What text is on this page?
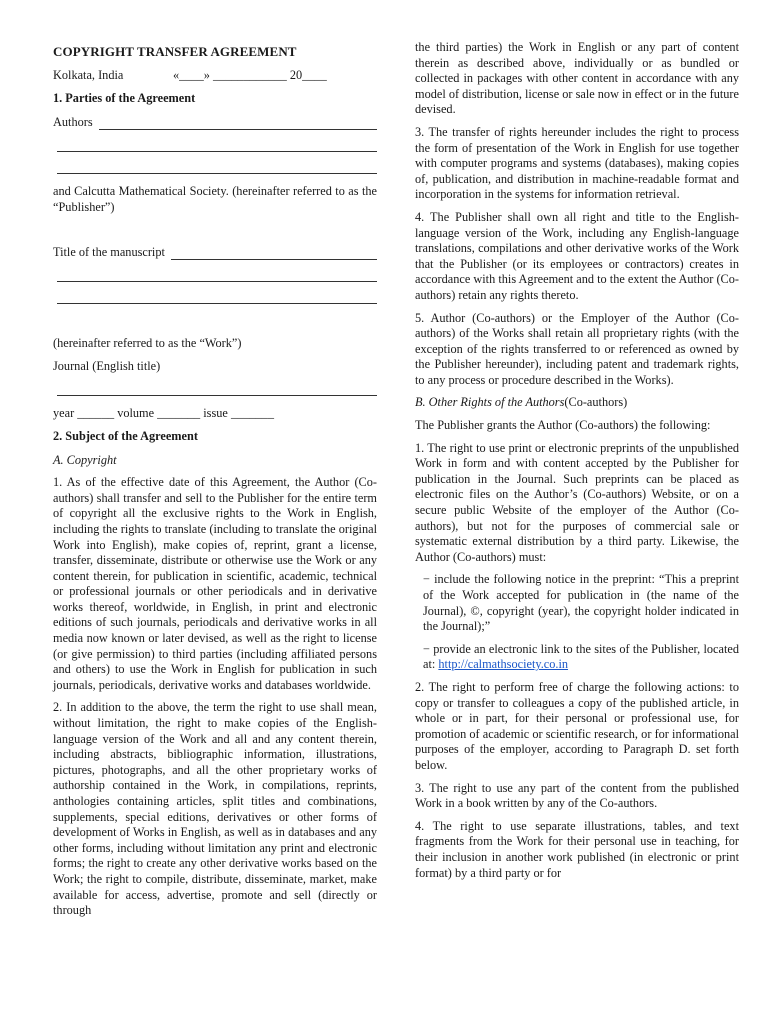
COPYRIGHT TRANSFER AGREEMENT

Kolkata, India	«____» ____________ 20____

1. Parties of the Agreement

Authors

and Calcutta Mathematical Society. (hereinafter referred to as the “Publisher”)

Title of the manuscript

(hereinafter referred to as the “Work”)

Journal (English title)

year ______ volume _______ issue _______

2. Subject of the Agreement

A. Copyright

1. As of the effective date of this Agreement, the Author (Co-authors) shall transfer and sell to the Publisher for the entire term of copyright all the exclusive rights to the Work in English, including the rights to translate (including to translate the original Work into English), make copies of, reprint, grant a license, transfer, disseminate, distribute or otherwise use the Work or any content therein, for publication in scientific, academic, technical or professional journals or other periodicals and in derivative works thereof, worldwide, in English, in print and electronic editions of such journals, periodicals and derivative works in all media now known or later devised, as well as the right to license (or give permission) to third parties (including affiliated persons and others) to use the Work in English for publication in such journals, periodicals, derivative works and databases worldwide.

2. In addition to the above, the term the right to use shall mean, without limitation, the right to make copies of the English-language version of the Work and all and any content therein, including abstracts, bibliographic information, illustrations, pictures, photographs, and all the other proprietary works of authorship contained in the Work, in compilations, reprints, anthologies containing articles, split titles and combinations, supplements, special editions, derivatives or other forms of development of Works in English, as well as in databases and any other forms, including without limitation any print and electronic forms; the right to create any other derivative works based on the Work; the right to compile, distribute, disseminate, market, make available for access, advertise, promote and sell (directly or through

the third parties) the Work in English or any part of content therein as described above, individually or as bundled or collected in packages with other content in accordance with any model of distribution, license or sale now in effect or in the future devised.

3. The transfer of rights hereunder includes the right to process the form of presentation of the Work in English for use together with computer programs and systems (databases), making copies of, publication, and distribution in machine-readable format and incorporation in the systems for information retrieval.

4. The Publisher shall own all right and title to the English-language version of the Work, including any English-language translations, compilations and other derivative works of the Work that the Publisher (or its employees or contractors) creates in accordance with this Agreement and to the extent the Author (Co-authors) retain any rights thereto.

5. Author (Co-authors) or the Employer of the Author (Co-authors) of the Works shall retain all proprietary rights (with the exception of the rights transferred to or referenced as owned by the Publisher hereunder), including patent and trademark rights, to any process or procedure described in the Works).

B. Other Rights of the Authors(Co-authors)

The Publisher grants the Author (Co-authors) the following:

1. The right to use print or electronic preprints of the unpublished Work in form and with content accepted by the Publisher for publication in the Journal. Such preprints can be placed as electronic files on the Author’s (Co-authors) Website, or on a secure public Website of the employer of the Author (Co-authors), but not for the purposes of commercial sale or systematic external distribution by a third party. Likewise, the Author (Co-authors) must:

− include the following notice in the preprint: “This a preprint of the Work accepted for publication in (the name of the Journal), ©, copyright (year), the copyright holder indicated in the Journal);”

− provide an electronic link to the sites of the Publisher, located at: http://calmathsociety.co.in

2. The right to perform free of charge the following actions: to copy or transfer to colleagues a copy of the published article, in whole or in part, for their personal or professional use, for promotion of academic or scientific research, or for informational purposes of the employer, according to Paragraph D. set forth below.

3. The right to use any part of the content from the published Work in a book written by any of the Co-authors.

4. The right to use separate illustrations, tables, and text fragments from the Work for their personal use in teaching, for their inclusion in another work published (in electronic or print format) by a third party or for
